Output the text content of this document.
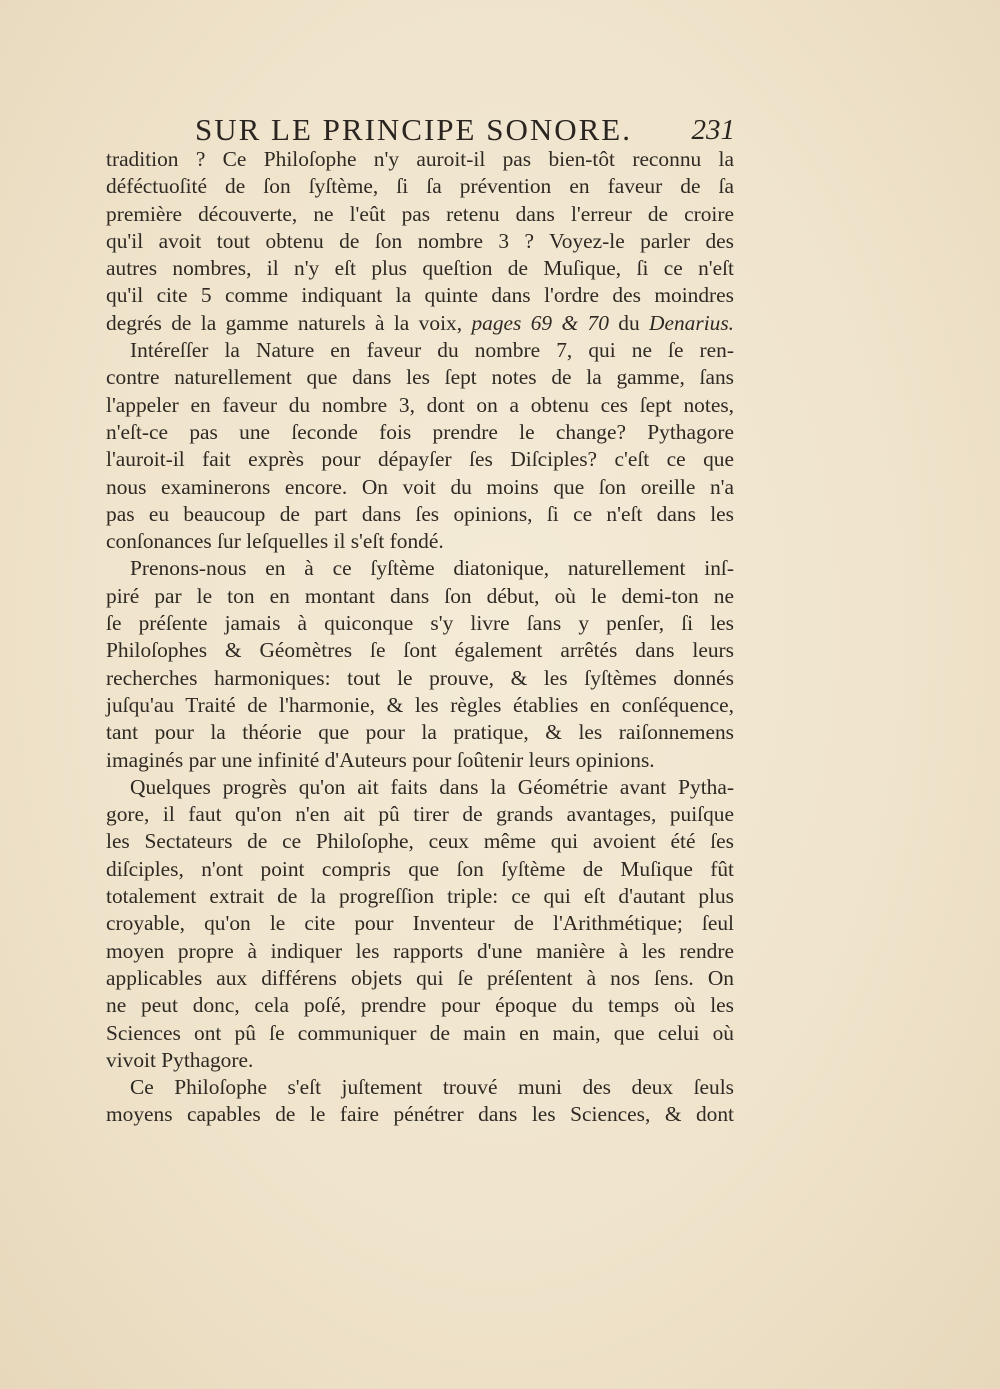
SUR LE PRINCIPE SONORE. 231
tradition ? Ce Philoſophe n'y auroit-il pas bien-tôt reconnu la
déféctuoſité de ſon ſyſtème, ſi ſa prévention en faveur de ſa
première découverte, ne l'eût pas retenu dans l'erreur de croire
qu'il avoit tout obtenu de ſon nombre 3 ? Voyez-le parler des
autres nombres, il n'y eſt plus queſtion de Muſique, ſi ce n'eſt
qu'il cite 5 comme indiquant la quinte dans l'ordre des moindres
degrés de la gamme naturels à la voix, pages 69 & 70 du Denarius.
Intéreſſer la Nature en faveur du nombre 7, qui ne ſe ren-
contre naturellement que dans les ſept notes de la gamme, ſans
l'appeler en faveur du nombre 3, dont on a obtenu ces ſept notes,
n'eſt-ce pas une ſeconde fois prendre le change? Pythagore
l'auroit-il fait exprès pour dépayſer ſes Diſciples? c'eſt ce que
nous examinerons encore. On voit du moins que ſon oreille n'a
pas eu beaucoup de part dans ſes opinions, ſi ce n'eſt dans les
conſonances ſur leſquelles il s'eſt fondé.
Prenons-nous en à ce ſyſtème diatonique, naturellement inſ-
piré par le ton en montant dans ſon début, où le demi-ton ne
ſe préſente jamais à quiconque s'y livre ſans y penſer, ſi les
Philoſophes & Géomètres ſe ſont également arrêtés dans leurs
recherches harmoniques: tout le prouve, & les ſyſtèmes donnés
juſqu'au Traité de l'harmonie, & les règles établies en conſéquence,
tant pour la théorie que pour la pratique, & les raiſonnemens
imaginés par une infinité d'Auteurs pour ſoûtenir leurs opinions.
Quelques progrès qu'on ait faits dans la Géométrie avant Pytha-
gore, il faut qu'on n'en ait pû tirer de grands avantages, puiſque
les Sectateurs de ce Philoſophe, ceux même qui avoient été ſes
diſciples, n'ont point compris que ſon ſyſtème de Muſique fût
totalement extrait de la progreſſion triple: ce qui eſt d'autant plus
croyable, qu'on le cite pour Inventeur de l'Arithmétique; ſeul
moyen propre à indiquer les rapports d'une manière à les rendre
applicables aux différens objets qui ſe préſentent à nos ſens. On
ne peut donc, cela poſé, prendre pour époque du temps où les
Sciences ont pû ſe communiquer de main en main, que celui où
vivoit Pythagore.
Ce Philoſophe s'eſt juſtement trouvé muni des deux ſeuls
moyens capables de le faire pénétrer dans les Sciences, & dont
